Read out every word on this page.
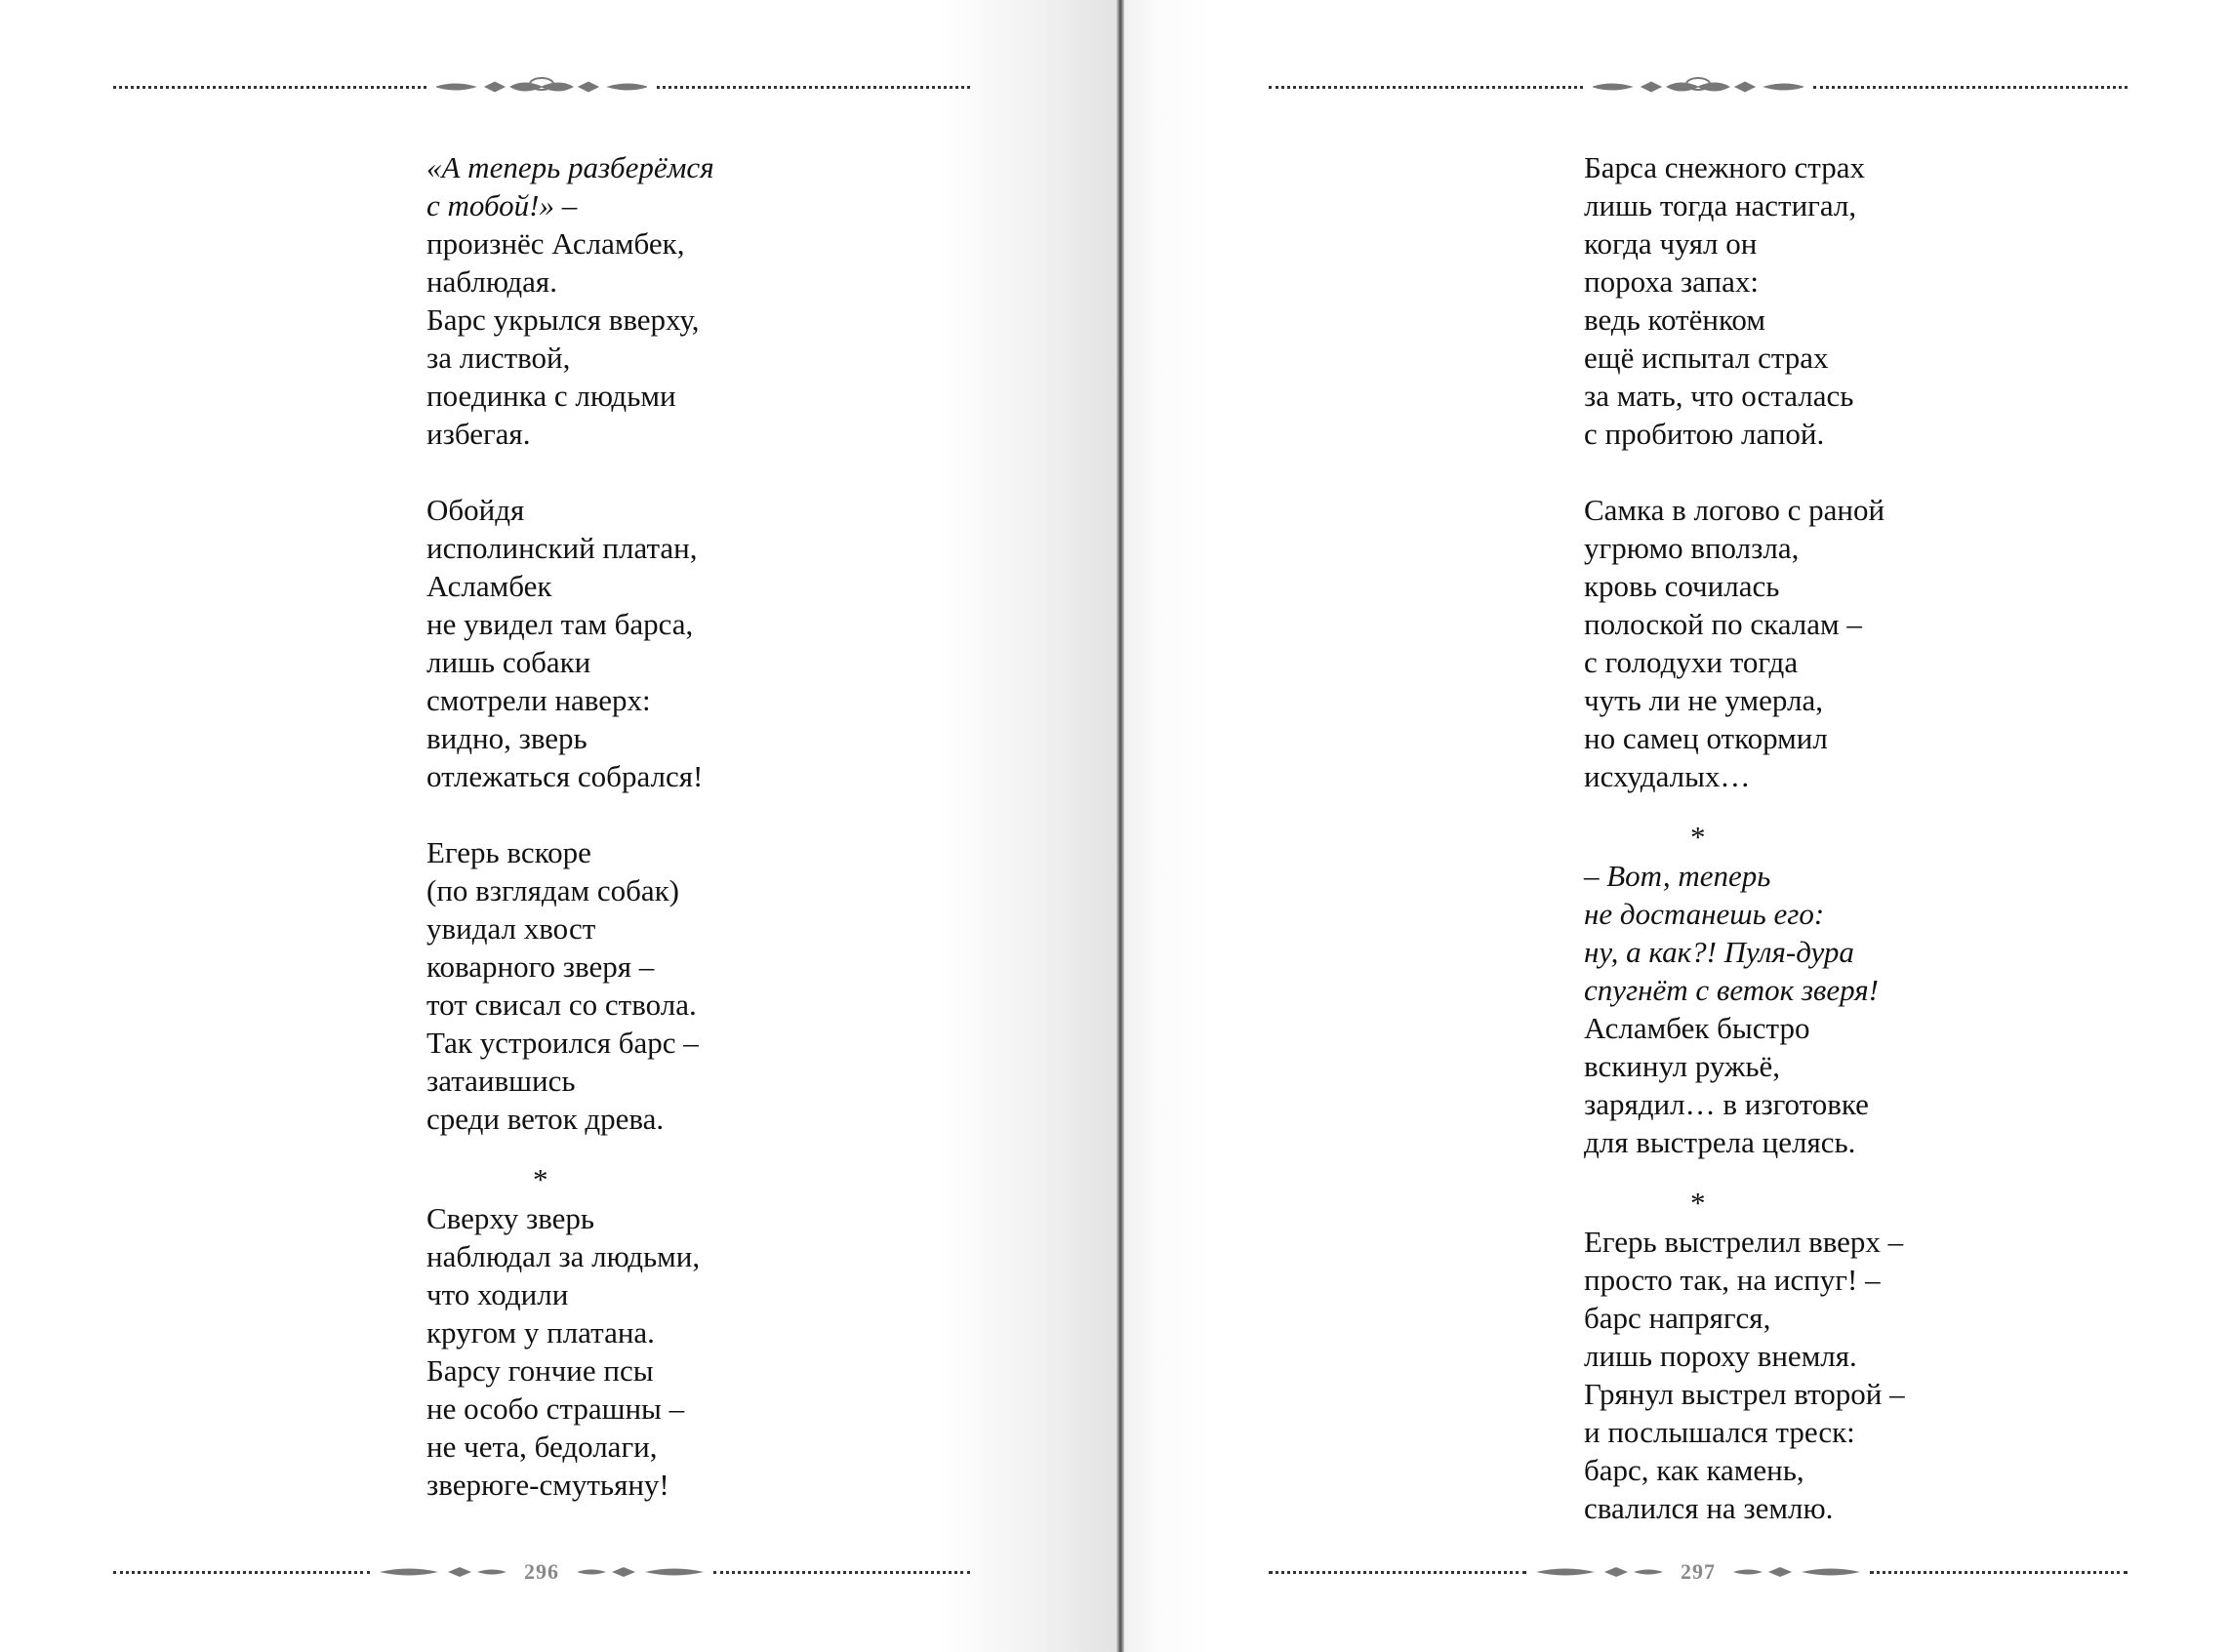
«А теперь разберёмся

с тобой!» –

произнёс Асламбек,

наблюдая.

Барс укрылся вверху,

за листвой,

поединка с людьми

избегая.

Обойдя

исполинский платан,

Асламбек

не увидел там барса,

лишь собаки

смотрели наверх:

видно, зверь

отлежаться собрался!

Егерь вскоре

(по взглядам собак)

увидал хвост

коварного зверя –

тот свисал со ствола.

Так устроился барс –

затаившись

среди веток древа.

*

Сверху зверь

наблюдал за людьми,

что ходили

кругом у платана.

Барсу гончие псы

не особо страшны –

не чета, бедолаги,

зверюге-смутьяну!

296

Барса снежного страх

лишь тогда настигал,

когда чуял он

пороха запах:

ведь котёнком

ещё испытал страх

за мать, что осталась

с пробитою лапой.

Самка в логово с раной

угрюмо вползла,

кровь сочилась

полоской по скалам –

с голодухи тогда

чуть ли не умерла,

но самец откормил

исхудалых…

*

– Вот, теперь

не достанешь его:

ну, а как?! Пуля-дура

спугнёт с веток зверя!

Асламбек быстро

вскинул ружьё,

зарядил… в изготовке

для выстрела целясь.

*

Егерь выстрелил вверх –

просто так, на испуг! –

барс напрягся,

лишь пороху внемля.

Грянул выстрел второй –

и послышался треск:

барс, как камень,

свалился на землю.

297
